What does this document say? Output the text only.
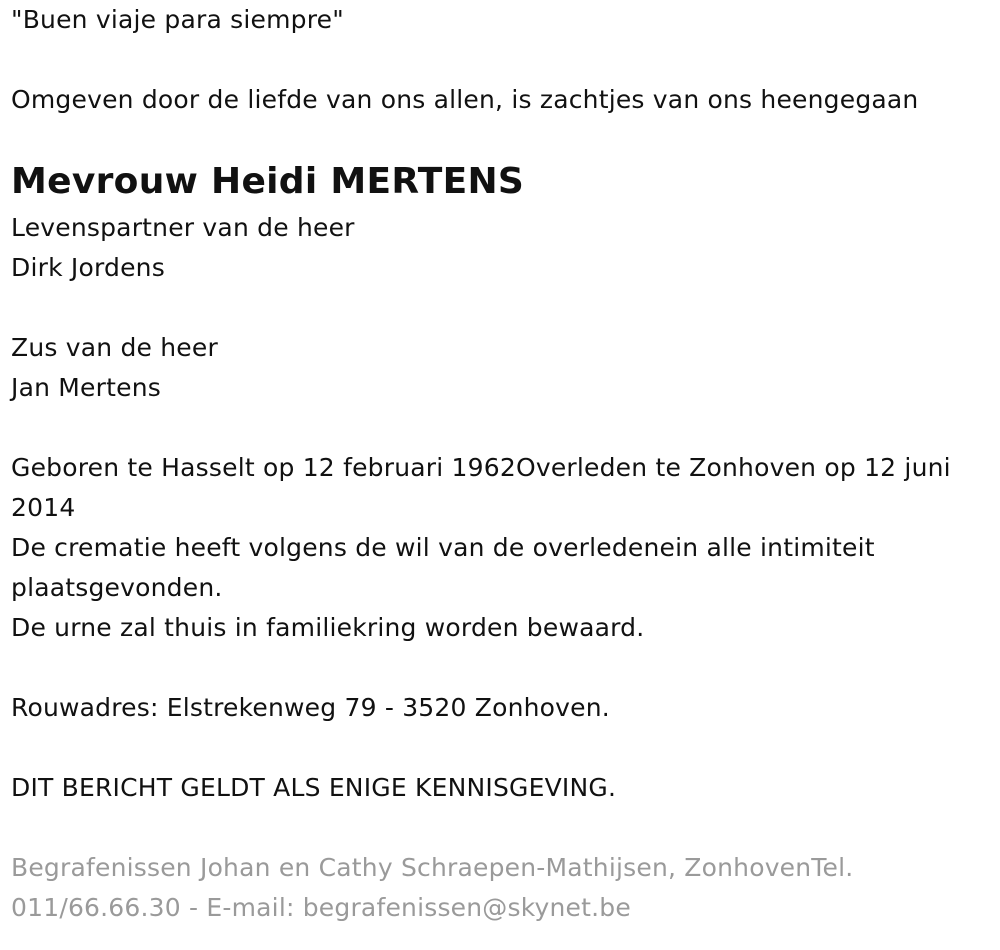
"Buen viaje para siempre"
Omgeven door de liefde van ons allen, is zachtjes van ons heengegaan
Mevrouw Heidi MERTENS
Levenspartner van de heer
Dirk Jordens
Zus van de heer
Jan Mertens
Geboren te Hasselt op 12 februari 1962Overleden te Zonhoven op 12 juni 2014
De crematie heeft volgens de wil van de overledenein alle intimiteit plaatsgevonden.
De urne zal thuis in familiekring worden bewaard.
Rouwadres: Elstrekenweg 79 - 3520 Zonhoven.
DIT BERICHT GELDT ALS ENIGE KENNISGEVING.
Begrafenissen Johan en Cathy Schraepen-Mathijsen, ZonhovenTel. 011/66.66.30 - E-mail: begrafenissen@skynet.be
